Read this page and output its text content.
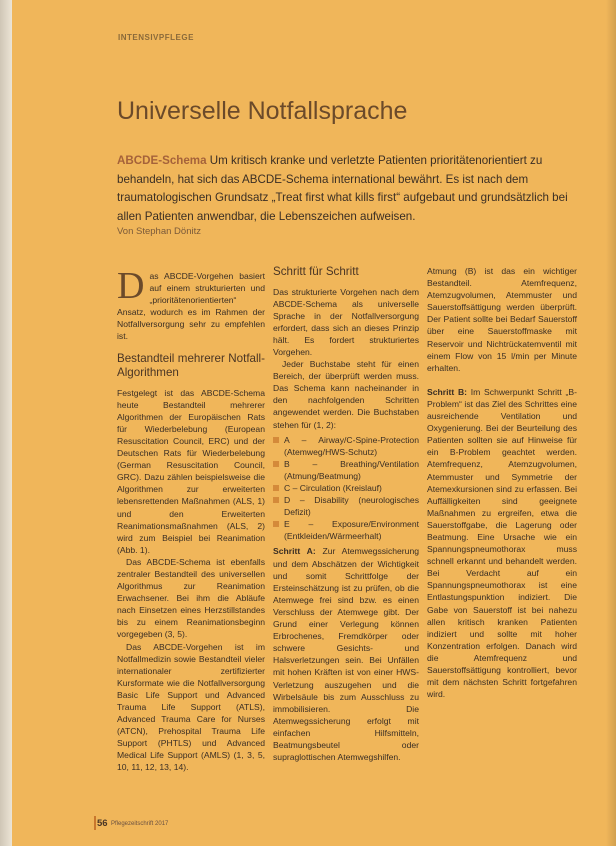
INTENSIVPFLEGE
Universelle Notfallsprache
ABCDE-Schema Um kritisch kranke und verletzte Patienten prioritätenorientiert zu behandeln, hat sich das ABCDE-Schema international bewährt. Es ist nach dem traumatologischen Grundsatz „Treat first what kills first“ aufgebaut und grundsätzlich bei allen Patienten anwendbar, die Lebenszeichen aufweisen.
Von Stephan Dönitz

Das ABCDE-Vorgehen basiert auf einem strukturierten und „prioritätenorientierten“ Ansatz, wodurch es im Rahmen der Notfallversorgung sehr zu empfehlen ist.

Bestandteil mehrerer Notfall-Algorithmen

Festgelegt ist das ABCDE-Schema heute Bestandteil mehrerer Algorithmen der Europäischen Rats für Wiederbelebung (European Resuscitation Council, ERC) und der Deutschen Rats für Wiederbelebung (German Resuscitation Council, GRC). Dazu zählen beispielsweise die Algorithmen zur erweiterten lebensrettenden Maßnahmen (ALS, 1) und den Erweiterten Reanimationsmaßnahmen (ALS, 2) wird zum Beispiel bei Reanimation (Abb. 1).

Das ABCDE-Schema ist ebenfalls zentraler Bestandteil des universellen Algorithmus zur Reanimation Erwachsener. Bei ihm die Abläufe nach Einsetzen eines Herzstillstandes bis zu einem Reanimationsbeginn vorgegeben (3, 5).

Das ABCDE-Vorgehen ist im Notfallmedizin sowie Bestandteil vieler internationaler zertifizierter Kursformate wie die Notfallversorgung Basic Life Support und Advanced Trauma Life Support (ATLS), Advanced Trauma Care for Nurses (ATCN), Prehospital Trauma Life Support (PHTLS) und Advanced Medical Life Support (AMLS) (1, 3, 5, 10, 11, 12, 13, 14).

Schritt für Schritt

Das strukturierte Vorgehen nach dem ABCDE-Schema als universelle Sprache in der Notfallversorgung erfordert, dass sich an dieses Prinzip hält. Es fordert strukturiertes Vorgehen.

Jeder Buchstabe steht für einen Bereich, der überprüft werden muss. Das Schema kann nacheinander in den nachfolgenden Schritten angewendet werden. Die Buchstaben stehen für (1, 2):

A – Airway/C-Spine-Protection (Atemweg/HWS-Schutz)
B – Breathing/Ventilation (Atmung/Beatmung)
C – Circulation (Kreislauf)
D – Disability (neurologisches Defizit)
E – Exposure/Environment (Entkleiden/Wärmeerhalt)

Schritt A: Zur Atemwegssicherung und dem Abschätzen der Wichtigkeit und somit Schrittfolge der Ersteinschätzung ist zu prüfen, ob die Atemwege frei sind bzw. es einen Verschluss der Atemwege gibt. Der Grund einer Verlegung können Erbrochenes, Fremdkörper oder schwere Gesichts- und Halsverletzungen sein. Bei Unfällen mit hohen Kräften ist von einer HWS-Verletzung auszugehen und die Wirbelsäule bis zum Ausschluss zu immobilisieren. Die Atemwegssicherung erfolgt mit einfachen Hilfsmitteln, Beatmungsbeutel oder supraglottischen Atemwegshilfen.

Atmung (B) ist das ein wichtiger Bestandteil. Atemfrequenz, Atemzugvolumen, Atemmuster und Sauerstoffsättigung werden überprüft. Der Patient sollte bei Bedarf Sauerstoff über eine Sauerstoffmaske mit Reservoir und Nichtrückatemventil mit einem Flow von 15 l/min per Minute erhalten.

Schritt B: Im Schwerpunkt Schritt „B-Problem“ ist das Ziel des Schrittes eine ausreichende Ventilation und Oxygenierung. Bei der Beurteilung des Patienten sollten sie auf Hinweise für ein B-Problem geachtet werden. Atemfrequenz, Atemzugvolumen, Atemmuster und Symmetrie der Atemexkursionen sind zu erfassen. Bei Auffälligkeiten sind geeignete Maßnahmen zu ergreifen, etwa die Sauerstoffgabe, die Lagerung oder Beatmung. Eine Ursache wie ein Spannungspneumothorax muss schnell erkannt und behandelt werden. Bei Verdacht auf ein Spannungspneumothorax ist eine Entlastungspunktion indiziert. Die Gabe von Sauerstoff ist bei nahezu allen kritisch kranken Patienten indiziert und sollte mit hoher Konzentration erfolgen. Danach wird die Atemfrequenz und Sauerstoffsättigung kontrolliert, bevor mit dem nächsten Schritt fortgefahren wird.

56 Pflegezeitschrift 2017
